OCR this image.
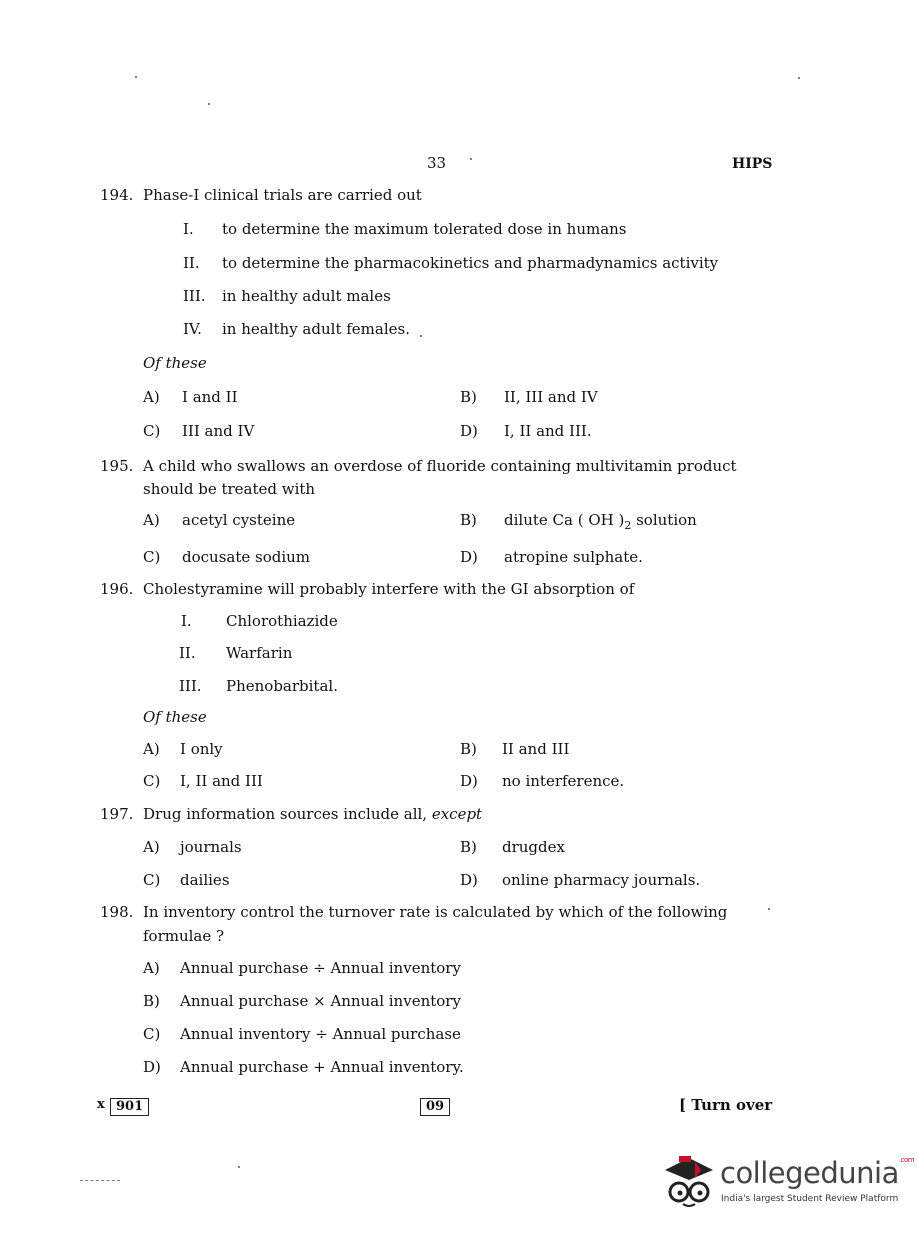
33	HIPS
194. Phase-I clinical trials are carried out
I. to determine the maximum tolerated dose in humans
II. to determine the pharmacokinetics and pharmadynamics activity
III. in healthy adult males
IV. in healthy adult females.
Of these
A) I and II	B) II, III and IV
C) III and IV	D) I, II and III.
195. A child who swallows an overdose of fluoride containing multivitamin product
should be treated with
A) acetyl cysteine	B) dilute Ca ( OH )$_2$ solution
C) docusate sodium	D) atropine sulphate.
196. Cholestyramine will probably interfere with the GI absorption of
I. Chlorothiazide
II. Warfarin
III. Phenobarbital.
Of these
A) I only	B) II and III
C) I, II and III	D) no interference.
197. Drug information sources include all, except
A) journals	B) drugdex
C) dailies	D) online pharmacy journals.
198. In inventory control the turnover rate is calculated by which of the following
formulae ?
A) Annual purchase ÷ Annual inventory
B) Annual purchase × Annual inventory
C) Annual inventory ÷ Annual purchase
D) Annual purchase + Annual inventory.
x 901	09	[ Turn over
collegedunia$^{.com}$
India's largest Student Review Platform
